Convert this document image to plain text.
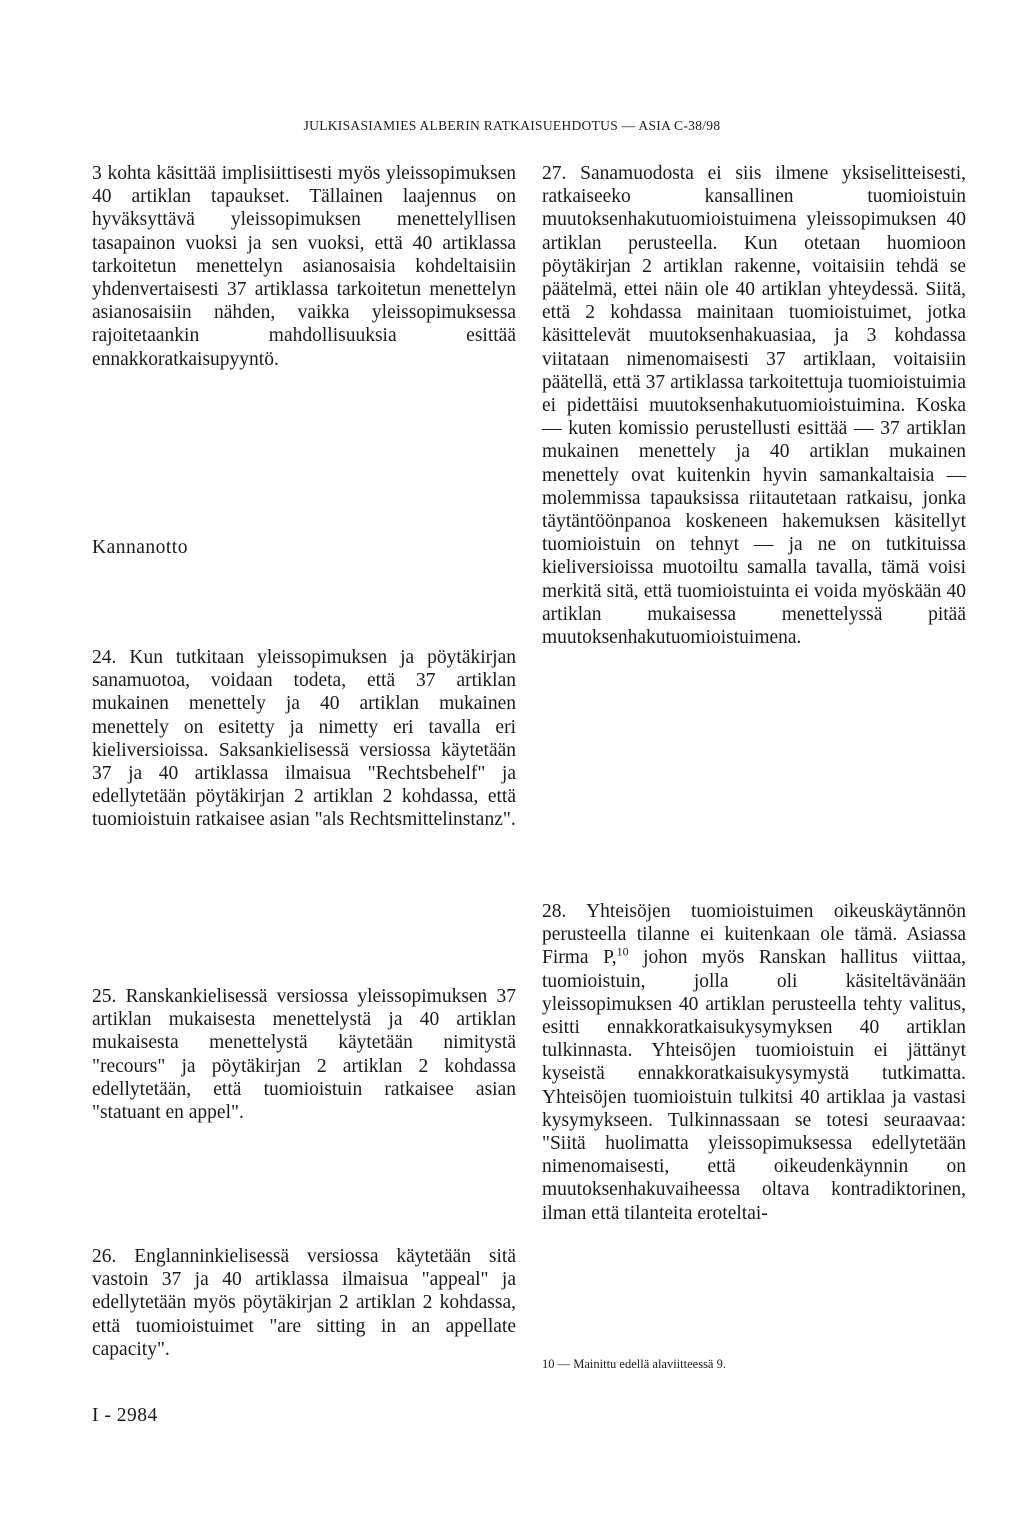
JULKISASIAMIES ALBERIN RATKAISUEHDOTUS — ASIA C-38/98

3 kohta käsittää implisiittisesti myös yleissopimuksen 40 artiklan tapaukset. Tällainen laajennus on hyväksyttävä yleissopimuksen menettelyllisen tasapainon vuoksi ja sen vuoksi, että 40 artiklassa tarkoitetun menettelyn asianosaisia kohdeltaisiin yhdenvertaisesti 37 artiklassa tarkoitetun menettelyn asianosaisiin nähden, vaikka yleissopimuksessa rajoitetaankin mahdollisuuksia esittää ennakkoratkaisupyyntö.

Kannanotto

24. Kun tutkitaan yleissopimuksen ja pöytäkirjan sanamuotoa, voidaan todeta, että 37 artiklan mukainen menettely ja 40 artiklan mukainen menettely on esitetty ja nimetty eri tavalla eri kieliversioissa. Saksankielisessä versiossa käytetään 37 ja 40 artiklassa ilmaisua "Rechtsbehelf" ja edellytetään pöytäkirjan 2 artiklan 2 kohdassa, että tuomioistuin ratkaisee asian "als Rechtsmittelinstanz".

25. Ranskankielisessä versiossa yleissopimuksen 37 artiklan mukaisesta menettelystä ja 40 artiklan mukaisesta menettelystä käytetään nimitystä "recours" ja pöytäkirjan 2 artiklan 2 kohdassa edellytetään, että tuomioistuin ratkaisee asian "statuant en appel".

26. Englanninkielisessä versiossa käytetään sitä vastoin 37 ja 40 artiklassa ilmaisua "appeal" ja edellytetään myös pöytäkirjan 2 artiklan 2 kohdassa, että tuomioistuimet "are sitting in an appellate capacity".

27. Sanamuodosta ei siis ilmene yksiselitteisesti, ratkaiseeko kansallinen tuomioistuin muutoksenhakutuomioistuimena yleissopimuksen 40 artiklan perusteella. Kun otetaan huomioon pöytäkirjan 2 artiklan rakenne, voitaisiin tehdä se päätelmä, ettei näin ole 40 artiklan yhteydessä. Siitä, että 2 kohdassa mainitaan tuomioistuimet, jotka käsittelevät muutoksenhakuasiaa, ja 3 kohdassa viitataan nimenomaisesti 37 artiklaan, voitaisiin päätellä, että 37 artiklassa tarkoitettuja tuomioistuimia ei pidettäisi muutoksenhakutuomioistuimina. Koska — kuten komissio perustellusti esittää — 37 artiklan mukainen menettely ja 40 artiklan mukainen menettely ovat kuitenkin hyvin samankaltaisia — molemmissa tapauksissa riitautetaan ratkaisu, jonka täytäntöönpanoa koskeneen hakemuksen käsitellyt tuomioistuin on tehnyt — ja ne on tutkituissa kieliversioissa muotoiltu samalla tavalla, tämä voisi merkitä sitä, että tuomioistuinta ei voida myöskään 40 artiklan mukaisessa menettelyssä pitää muutoksenhakutuomioistuimena.

28. Yhteisöjen tuomioistuimen oikeuskäytännön perusteella tilanne ei kuitenkaan ole tämä. Asiassa Firma P,$^{10}$ johon myös Ranskan hallitus viittaa, tuomioistuin, jolla oli käsiteltävänään yleissopimuksen 40 artiklan perusteella tehty valitus, esitti ennakkoratkaisukysymyksen 40 artiklan tulkinnasta. Yhteisöjen tuomioistuin ei jättänyt kyseistä ennakkoratkaisukysymystä tutkimatta. Yhteisöjen tuomioistuin tulkitsi 40 artiklaa ja vastasi kysymykseen. Tulkinnassaan se totesi seuraavaa: "Siitä huolimatta yleissopimuksessa edellytetään nimenomaisesti, että oikeudenkäynnin on muutoksenhakuvaiheessa oltava kontradiktorinen, ilman että tilanteita eroteltai-

10 — Mainittu edellä alaviitteessä 9.
I - 2984
